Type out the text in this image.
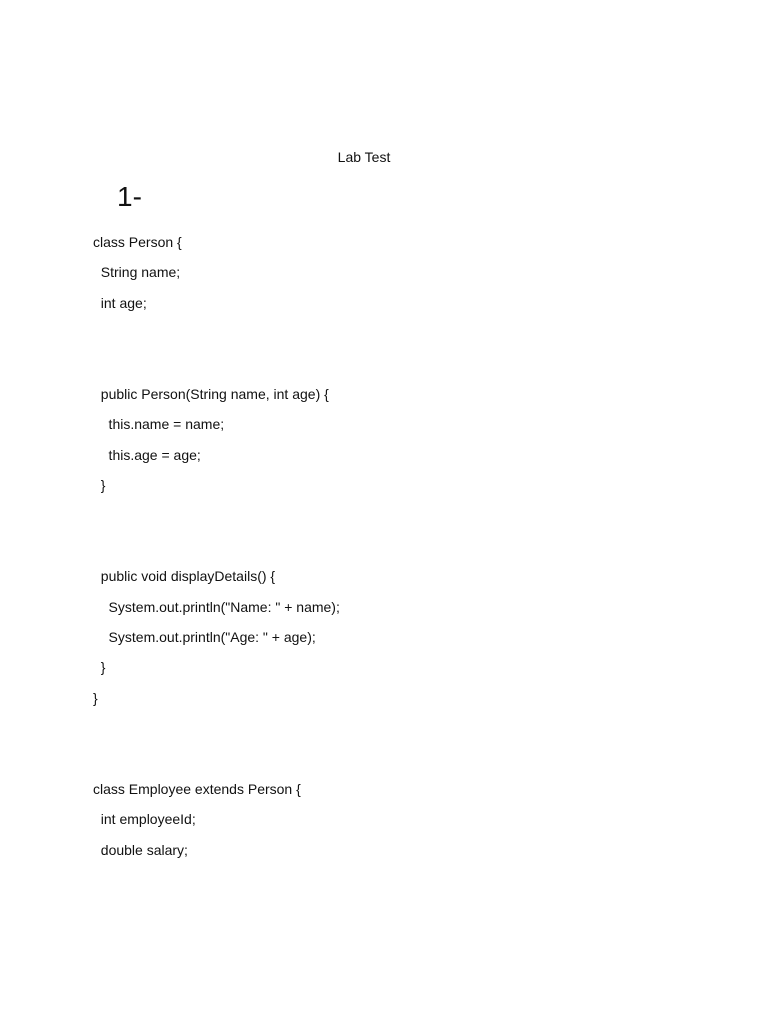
Lab Test
1-
class Person {
String name;
int age;
public Person(String name, int age) {
this.name = name;
this.age = age;
}
public void displayDetails() {
System.out.println("Name: " + name);
System.out.println("Age: " + age);
}
}
class Employee extends Person {
int employeeId;
double salary;
